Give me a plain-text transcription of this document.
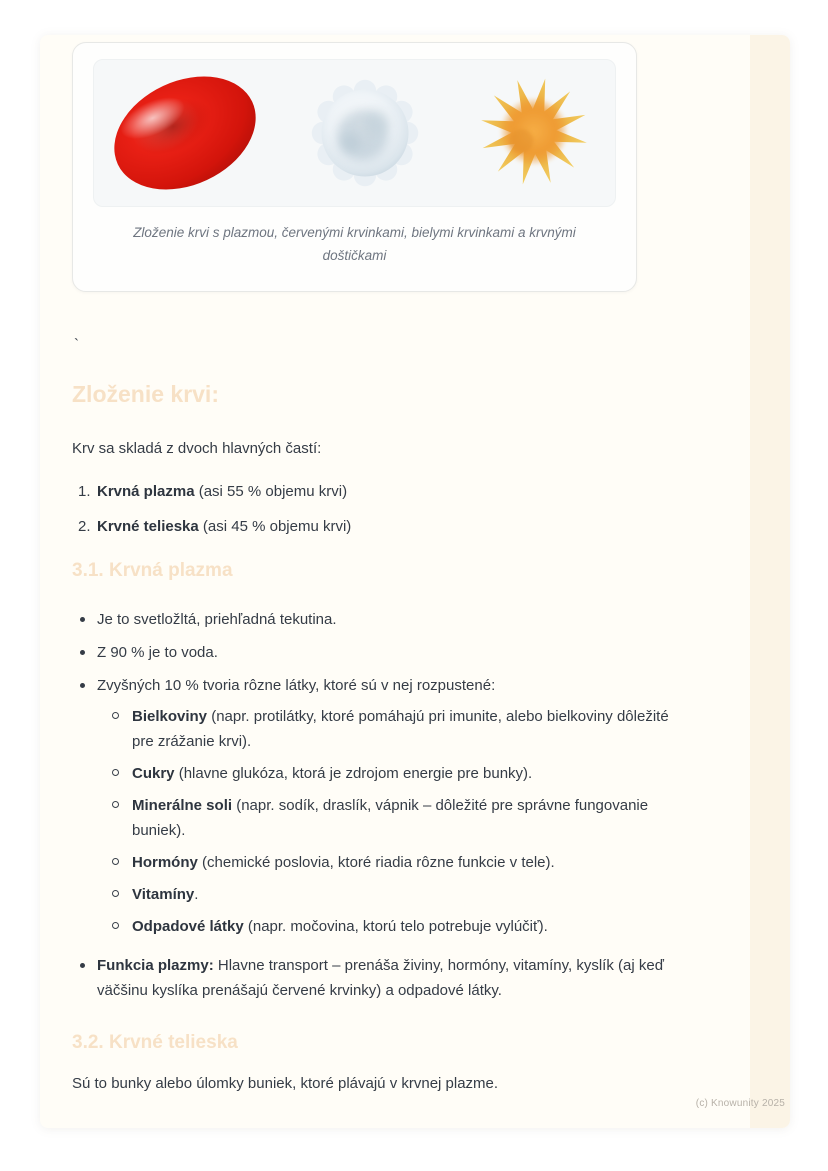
Zloženie krvi s plazmou, červenými krvinkami, bielymi krvinkami a krvnými doštičkami

`

Zloženie krvi:

Krv sa skladá z dvoch hlavných častí:

1. Krvná plazma (asi 55 % objemu krvi)
2. Krvné telieska (asi 45 % objemu krvi)
3.1. Krvná plazma
Je to svetložltá, priehľadná tekutina.
Z 90 % je to voda.
Zvyšných 10 % tvoria rôzne látky, ktoré sú v nej rozpustené:
Bielkoviny (napr. protilátky, ktoré pomáhajú pri imunite, alebo bielkoviny dôležité pre zrážanie krvi).
Cukry (hlavne glukóza, ktorá je zdrojom energie pre bunky).
Minerálne soli (napr. sodík, draslík, vápnik – dôležité pre správne fungovanie buniek).
Hormóny (chemické poslovia, ktoré riadia rôzne funkcie v tele).
Vitamíny.
Odpadové látky (napr. močovina, ktorú telo potrebuje vylúčiť).
Funkcia plazmy: Hlavne transport – prenáša živiny, hormóny, vitamíny, kyslík (aj keď väčšinu kyslíka prenášajú červené krvinky) a odpadové látky.
3.2. Krvné telieska

Sú to bunky alebo úlomky buniek, ktoré plávajú v krvnej plazme.

(c) Knowunity 2025
